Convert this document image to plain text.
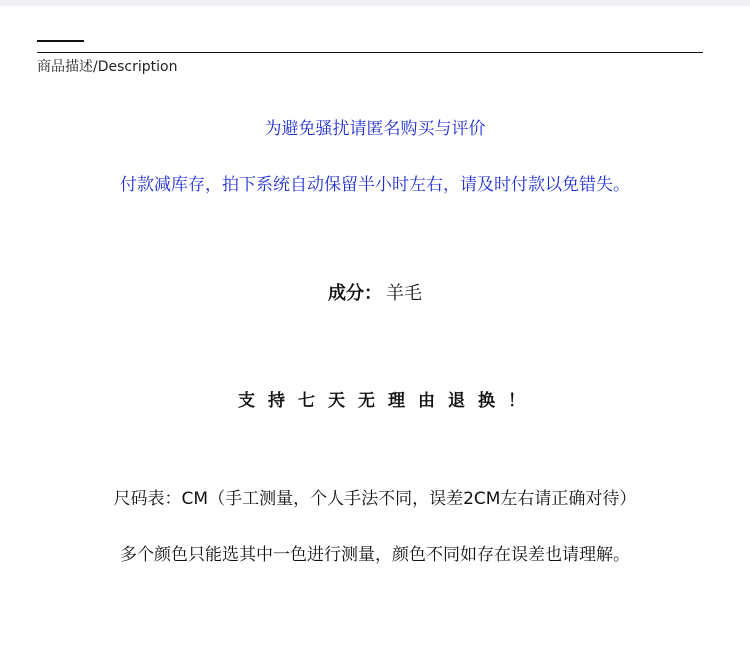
商品描述/Description
为避免骚扰请匿名购买与评价
付款减库存，拍下系统自动保留半小时左右，请及时付款以免错失。
成分： 羊毛
支持七天无理由退换！
尺码表：CM（手工测量，个人手法不同，误差2CM左右请正确对待）
多个颜色只能选其中一色进行测量，颜色不同如存在误差也请理解。
